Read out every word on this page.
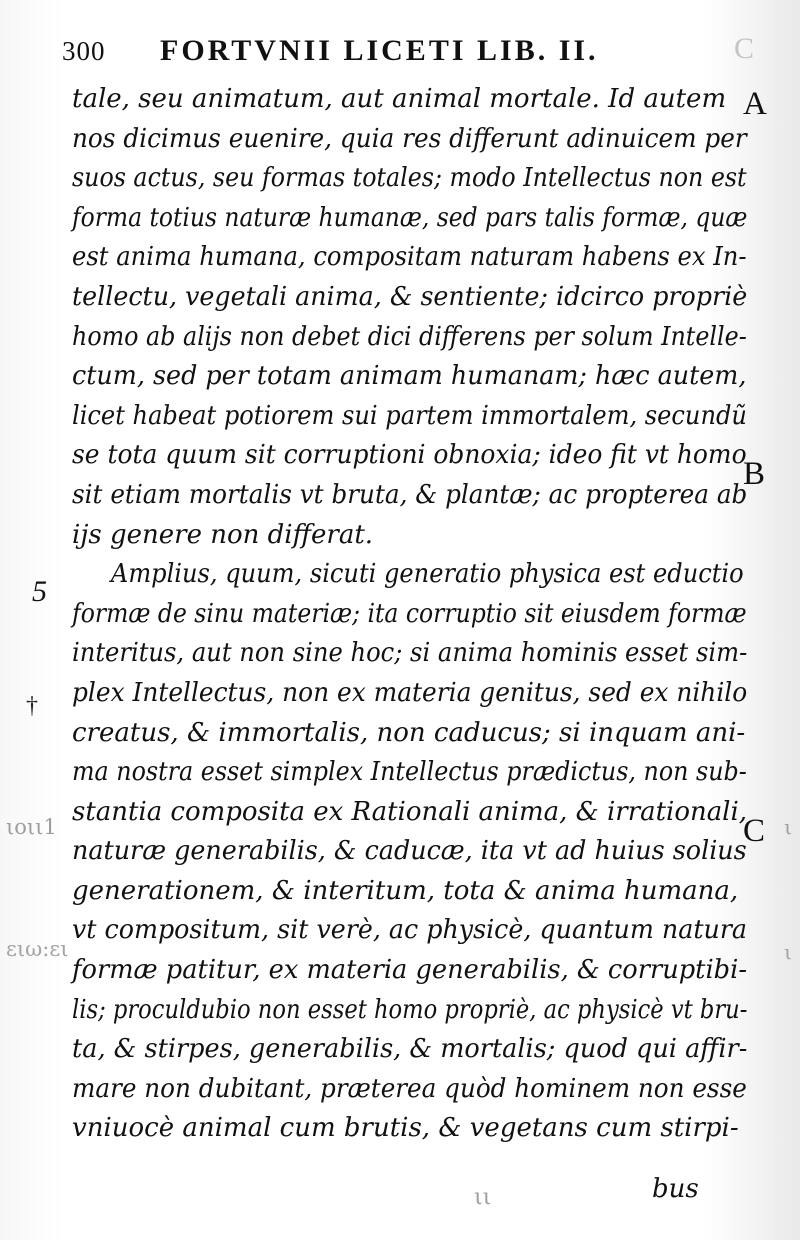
300 FORTVNII LICETI LIB. II.	C
5
†
ιοιι1
ειω:ει
ι
ι
A
B
C
tale, seu animatum, aut animal mortale. Id autem
nos dicimus euenire, quia res differunt adinuicem per
suos actus, seu formas totales; modo Intellectus non est
forma totius naturæ humanæ, sed pars talis formæ, quæ
est anima humana, compositam naturam habens ex In-
tellectu, vegetali anima, & sentiente; idcirco propriè
homo ab alijs non debet dici differens per solum Intelle-
ctum, sed per totam animam humanam; hæc autem,
licet habeat potiorem sui partem immortalem, secundũ
se tota quum sit corruptioni obnoxia; ideo fit vt homo
sit etiam mortalis vt bruta, & plantæ; ac propterea ab
ijs genere non differat.
Amplius, quum, sicuti generatio physica est eductio
formæ de sinu materiæ; ita corruptio sit eiusdem formæ
interitus, aut non sine hoc; si anima hominis esset sim-
plex Intellectus, non ex materia genitus, sed ex nihilo
creatus, & immortalis, non caducus; si inquam ani-
ma nostra esset simplex Intellectus prædictus, non sub-
stantia composita ex Rationali anima, & irrationali,
naturæ generabilis, & caducæ, ita vt ad huius solius
generationem, & interitum, tota & anima humana,
vt compositum, sit verè, ac physicè, quantum natura
formæ patitur, ex materia generabilis, & corruptibi-
lis; proculdubio non esset homo propriè, ac physicè vt bru-
ta, & stirpes, generabilis, & mortalis; quod qui affir-
mare non dubitant, præterea quòd hominem non esse
vniuocè animal cum brutis, & vegetans cum stirpi-
ιι	bus
